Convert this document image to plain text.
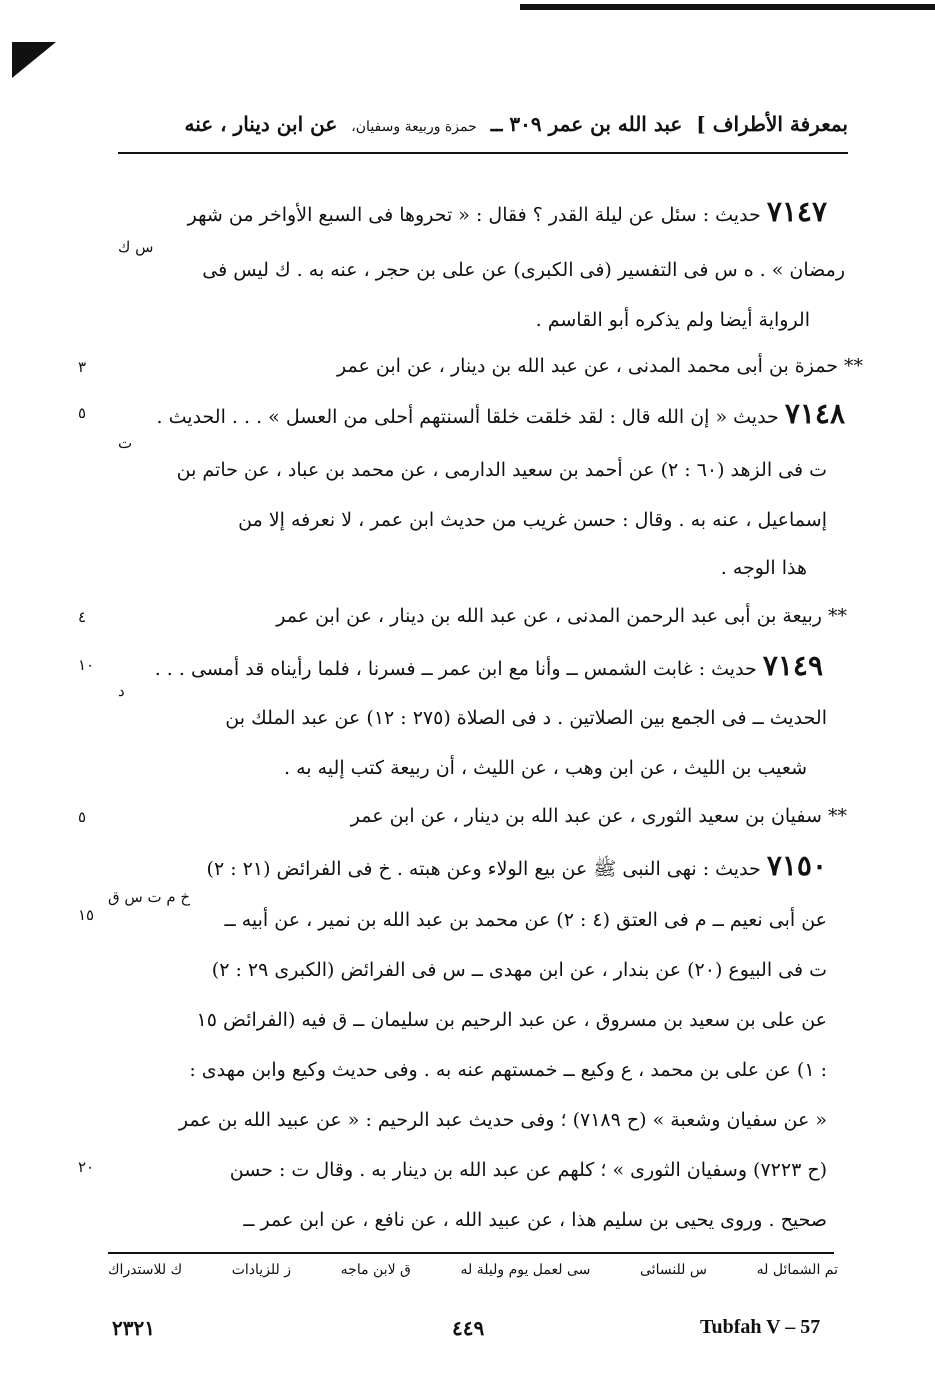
بمعرفة الأطراف ]
عبد الله بن عمر ۳۰۹ ــ
حمزة وربيعة وسفيان،
عن ابن دينار ، عنه
۷۱٤۷ حديث : سئل عن ليلة القدر ؟ فقال : « تحروها فى السبع الأواخر من شهر
رمضان » . ه س فى التفسير (فى الكبرى) عن على بن حجر ، عنه به . ك ليس فى
الرواية أيضا ولم يذكره أبو القاسم .
** حمزة بن أبى محمد المدنى ، عن عبد الله بن دينار ، عن ابن عمر
۷۱٤۸ حديث « إن الله قال : لقد خلقت خلقا ألسنتهم أحلى من العسل » . . . الحديث .
ت فى الزهد (٦٠ : ٢) عن أحمد بن سعيد الدارمى ، عن محمد بن عباد ، عن حاتم بن
إسماعيل ، عنه به . وقال : حسن غريب من حديث ابن عمر ، لا نعرفه إلا من
هذا الوجه .
** ربيعة بن أبى عبد الرحمن المدنى ، عن عبد الله بن دينار ، عن ابن عمر
۷۱٤۹ حديث : غابت الشمس ــ وأنا مع ابن عمر ــ فسرنا ، فلما رأيناه قد أمسى . . .
الحديث ــ فى الجمع بين الصلاتين . د فى الصلاة (٢٧٥ : ١٢) عن عبد الملك بن
شعيب بن الليث ، عن ابن وهب ، عن الليث ، أن ربيعة كتب إليه به .
** سفيان بن سعيد الثورى ، عن عبد الله بن دينار ، عن ابن عمر
۷۱٥۰ حديث : نهى النبى ﷺ عن بيع الولاء وعن هبته . خ فى الفرائض (٢١ : ٢)
عن أبى نعيم ــ م فى العتق (٤ : ٢) عن محمد بن عبد الله بن نمير ، عن أبيه ــ
ت فى البيوع (٢٠) عن بندار ، عن ابن مهدى ــ س فى الفرائض (الكبرى ٢٩ : ٢)
عن على بن سعيد بن مسروق ، عن عبد الرحيم بن سليمان ــ ق فيه (الفرائض ١٥
: ١) عن على بن محمد ، ع وكيع ــ خمستهم عنه به . وفى حديث وكيع وابن مهدى :
« عن سفيان وشعبة » (ح ۷۱۸۹) ؛ وفى حديث عبد الرحيم : « عن عبيد الله بن عمر
(ح ۷۲۲۳) وسفيان الثورى » ؛ كلهم عن عبد الله بن دينار به . وقال ت : حسن
صحيح . وروى يحيى بن سليم هذا ، عن عبيد الله ، عن نافع ، عن ابن عمر ــ
س ك
ت
د
خ م ت س ق
٣
٥
٤
١٠
٥
١٥
٢٠
تم الشمائل له
س للنسائى
سى لعمل يوم وليلة له
ق لابن ماجه
ز للزيادات
ك للاستدراك
٢٣٢١	٤٤٩	Tubfah V – 57
